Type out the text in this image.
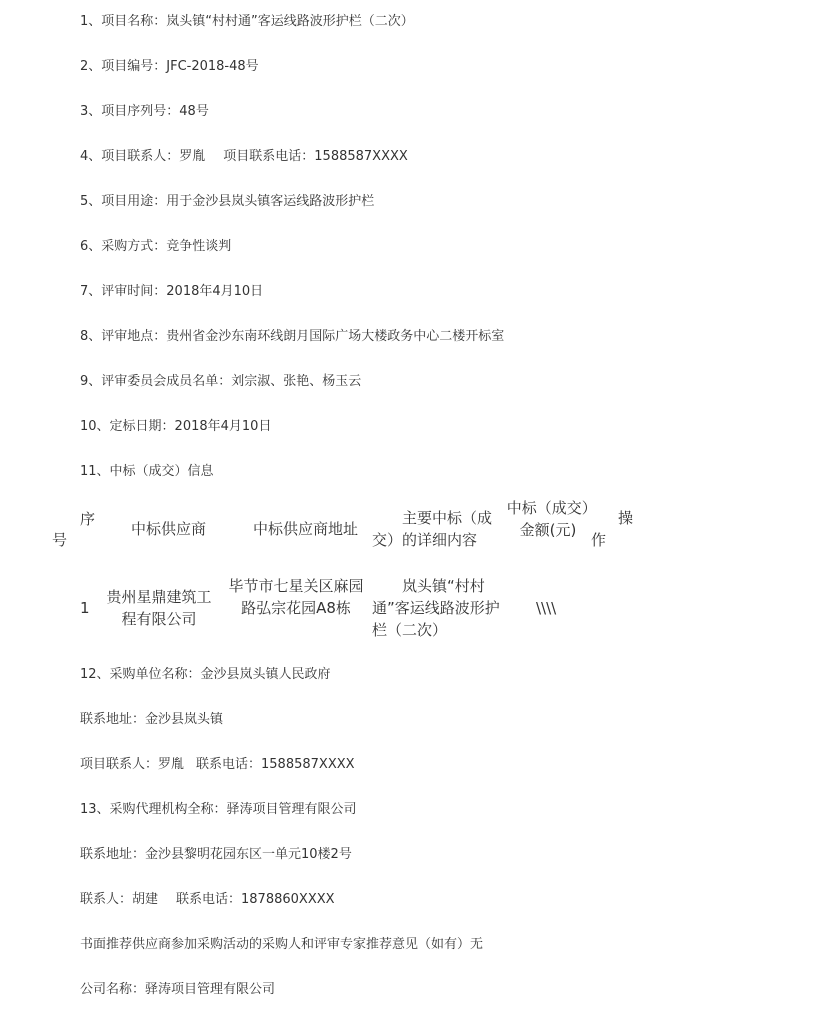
1、项目名称：岚头镇“村村通”客运线路波形护栏（二次）
2、项目编号：JFC-2018-48号
3、项目序列号：48号
4、项目联系人：罗胤 项目联系电话：1588587XXXX
5、项目用途：用于金沙县岚头镇客运线路波形护栏
6、采购方式：竞争性谈判
7、评审时间：2018年4月10日
8、评审地点：贵州省金沙东南环线朗月国际广场大楼政务中心二楼开标室
9、评审委员会成员名单：刘宗淑、张艳、杨玉云
10、定标日期：2018年4月10日
11、中标（成交）信息
序
号
中标供应商	中标供应商地址
主要中标（成交）的详细内容
中标（成交）金额(元)
操
作
1
贵州星鼎建筑工程有限公司
毕节市七星关区麻园路弘宗花园A8栋
岚头镇“村村通”客运线路波形护栏（二次）
\\\\
12、采购单位名称：金沙县岚头镇人民政府
联系地址：金沙县岚头镇
项目联系人：罗胤 联系电话：1588587XXXX
13、采购代理机构全称：驿涛项目管理有限公司
联系地址：金沙县黎明花园东区一单元10楼2号
联系人：胡建 联系电话：1878860XXXX
书面推荐供应商参加采购活动的采购人和评审专家推荐意见（如有）无
公司名称：驿涛项目管理有限公司
